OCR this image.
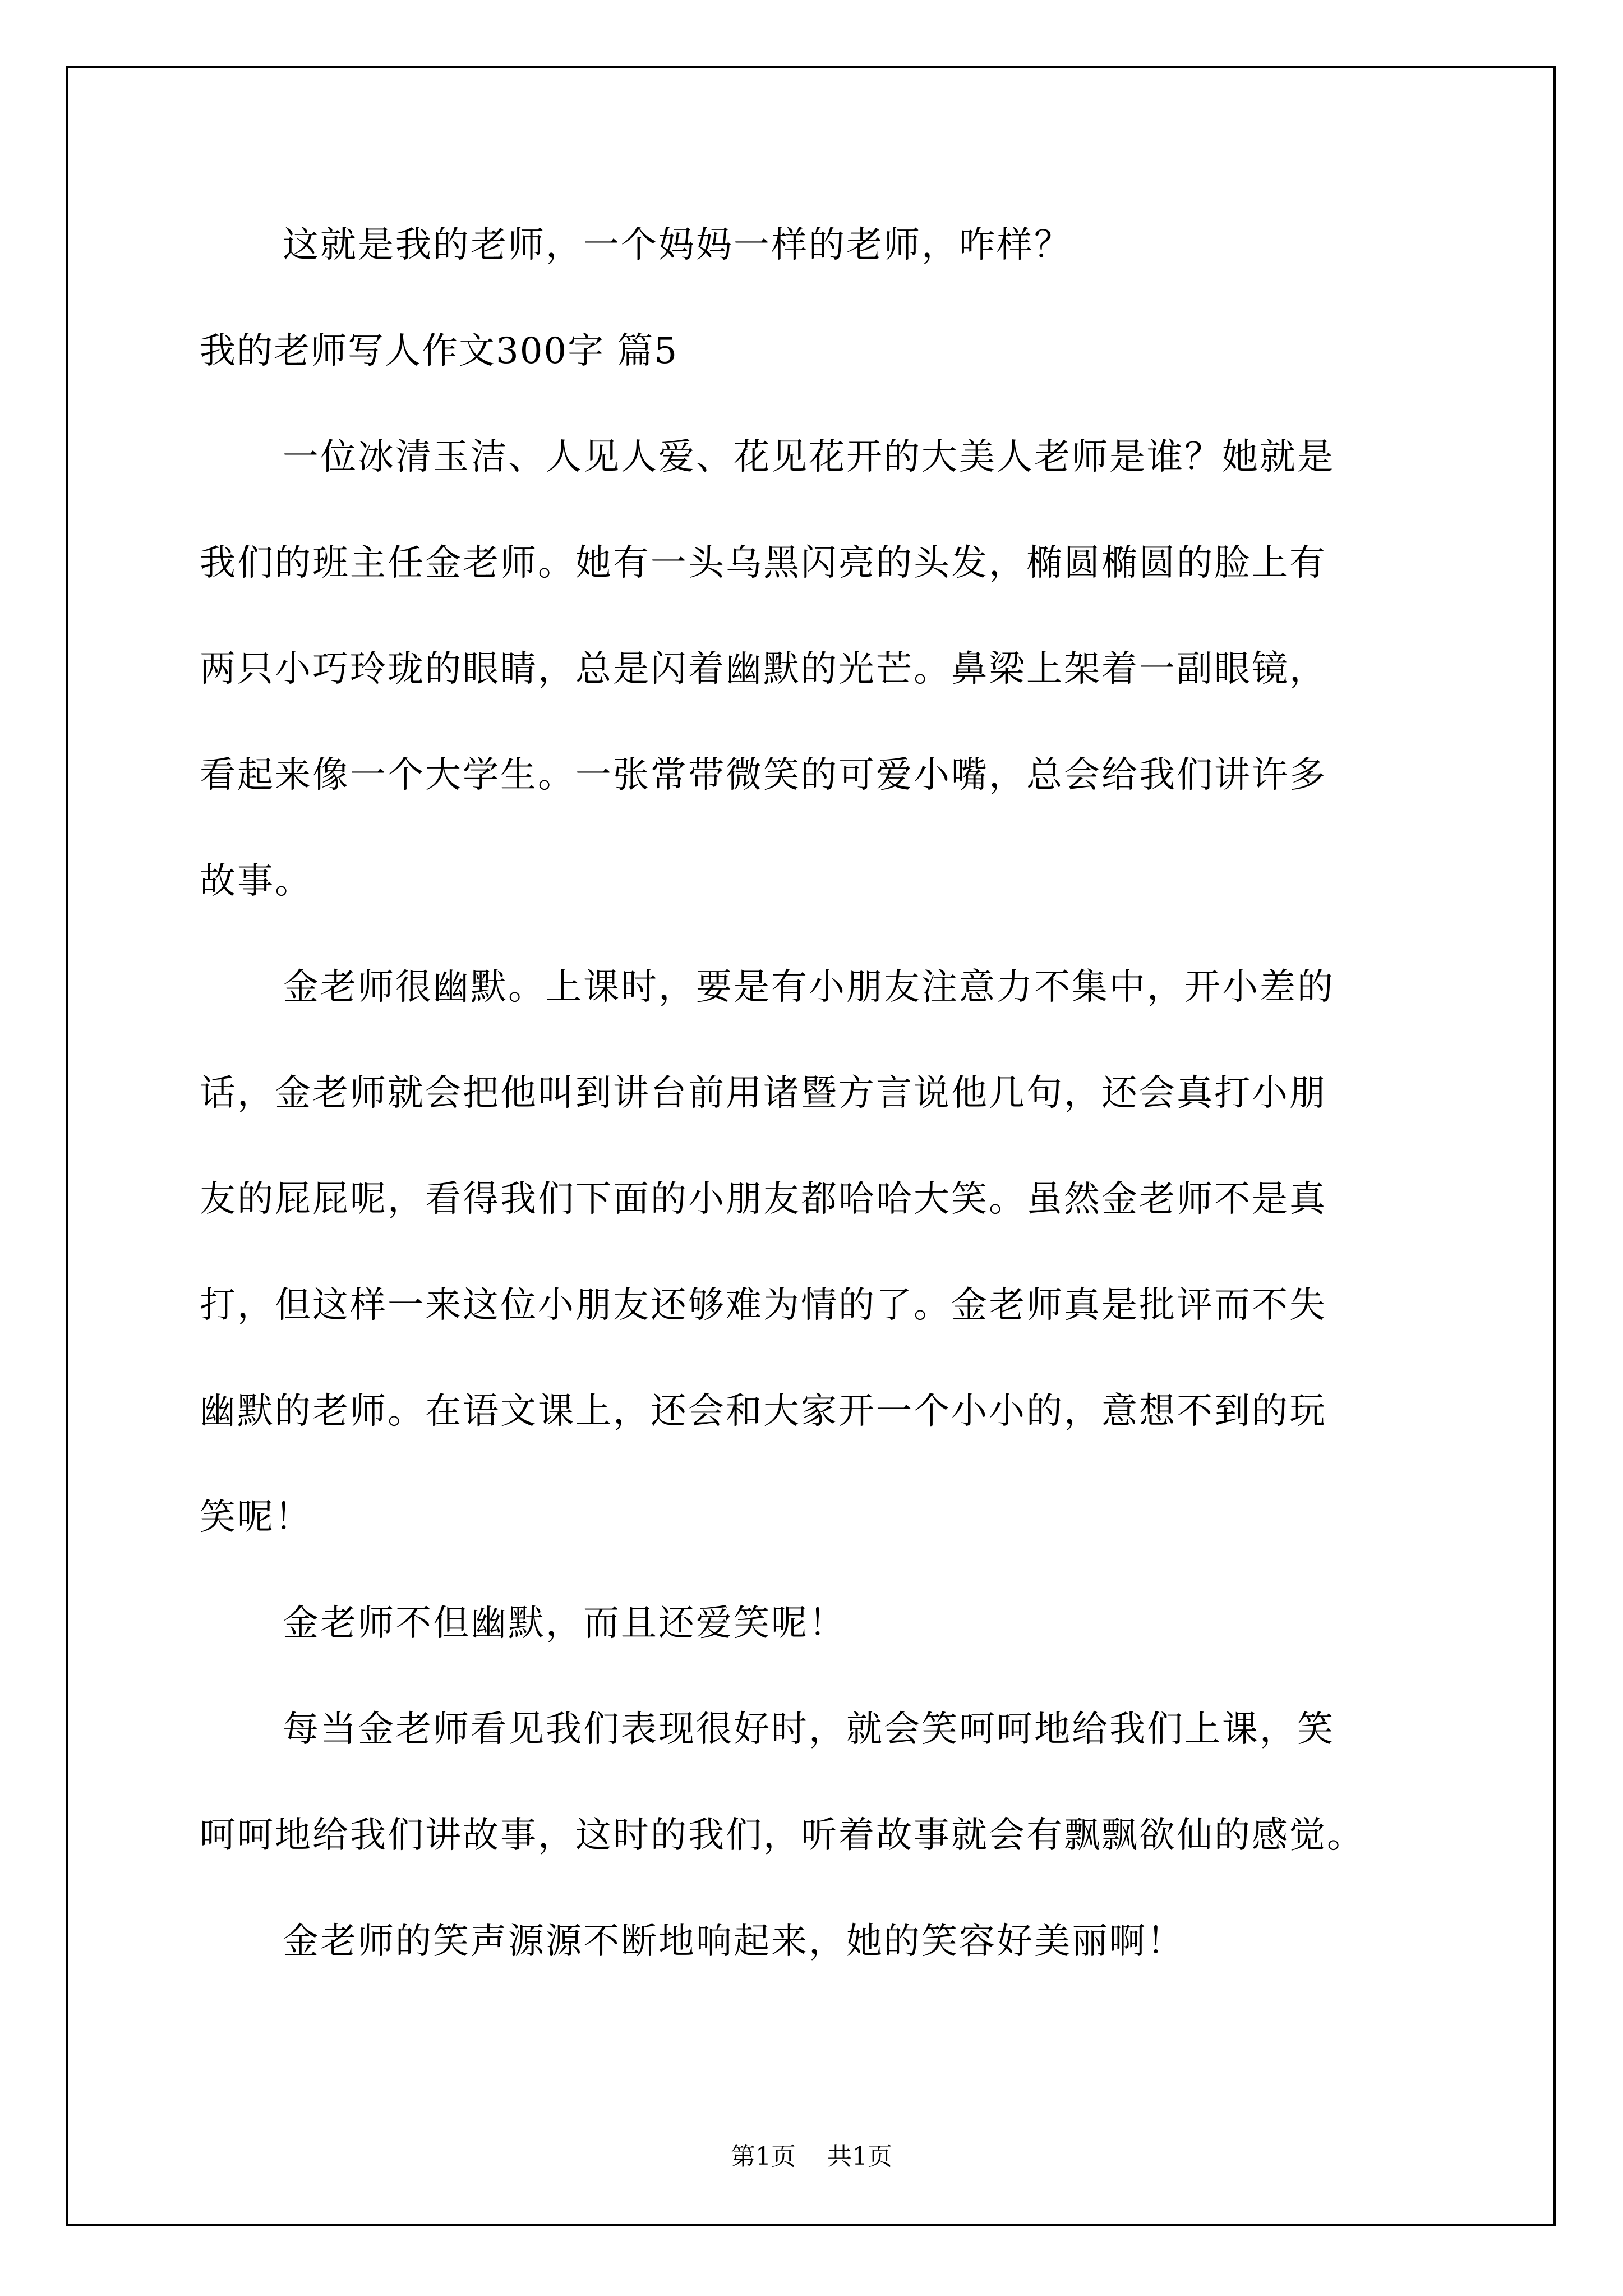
这就是我的老师，一个妈妈一样的老师，咋样？
我的老师写人作文300字 篇5
一位冰清玉洁、人见人爱、花见花开的大美人老师是谁？她就是
我们的班主任金老师。她有一头乌黑闪亮的头发，椭圆椭圆的脸上有
两只小巧玲珑的眼睛，总是闪着幽默的光芒。鼻梁上架着一副眼镜，
看起来像一个大学生。一张常带微笑的可爱小嘴，总会给我们讲许多
故事。
金老师很幽默。上课时，要是有小朋友注意力不集中，开小差的
话，金老师就会把他叫到讲台前用诸暨方言说他几句，还会真打小朋
友的屁屁呢，看得我们下面的小朋友都哈哈大笑。虽然金老师不是真
打，但这样一来这位小朋友还够难为情的了。金老师真是批评而不失
幽默的老师。在语文课上，还会和大家开一个小小的，意想不到的玩
笑呢！
金老师不但幽默，而且还爱笑呢！
每当金老师看见我们表现很好时，就会笑呵呵地给我们上课，笑
呵呵地给我们讲故事，这时的我们，听着故事就会有飘飘欲仙的感觉。
金老师的笑声源源不断地响起来，她的笑容好美丽啊！
第1页 共1页
